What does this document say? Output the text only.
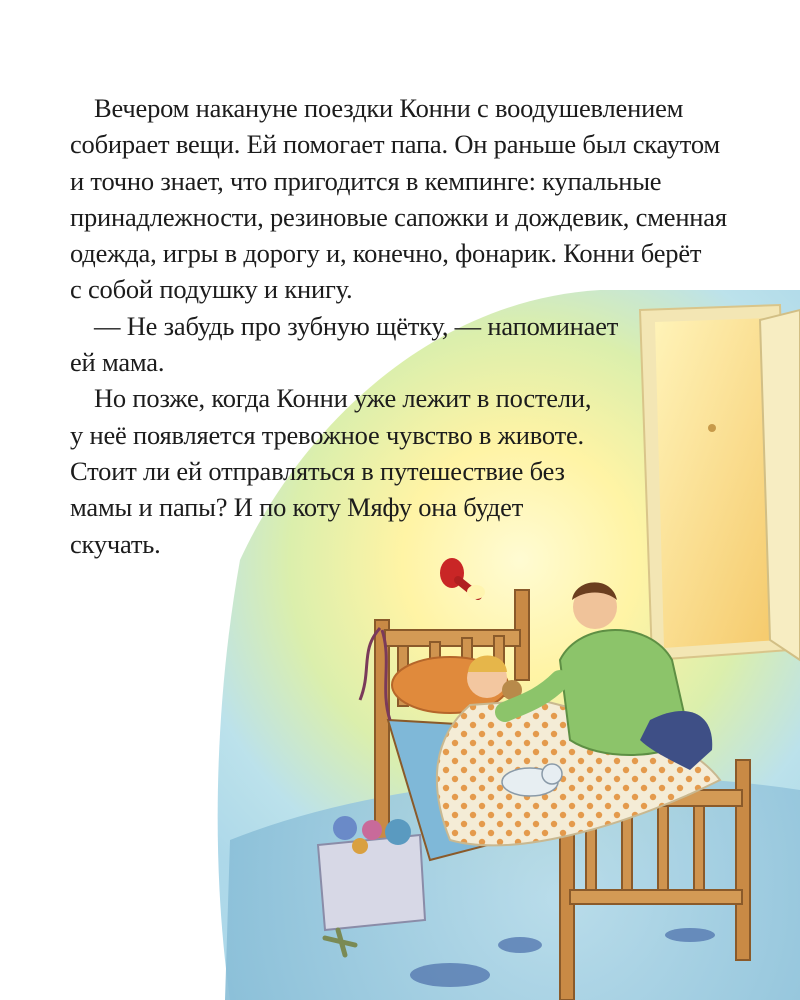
Вечером накануне поездки Конни с воодушевлением
собирает вещи. Ей помогает папа. Он раньше был скаутом
и точно знает, что пригодится в кемпинге: купальные
принадлежности, резиновые сапожки и дождевик, сменная
одежда, игры в дорогу и, конечно, фонарик. Конни берёт
с собой подушку и книгу.

— Не забудь про зубную щётку, — напоминает
ей мама.

Но позже, когда Конни уже лежит в постели,
у неё появляется тревожное чувство в животе.
Стоит ли ей отправляться в путешествие без
мамы и папы? И по коту Мяфу она будет
скучать.
